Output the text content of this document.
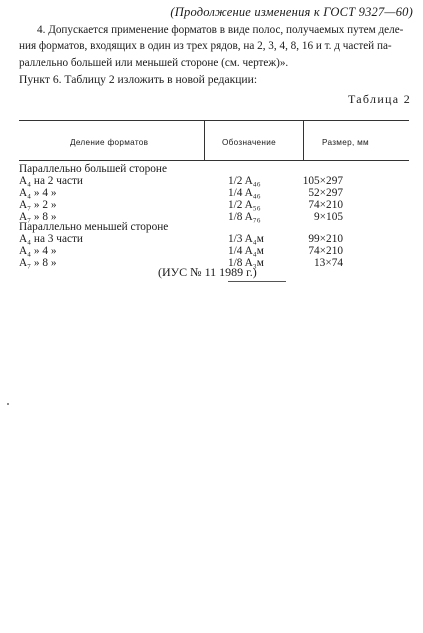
(Продолжение изменения к ГОСТ 9327—60)

4. Допускается применение форматов в виде полос, получаемых путем деле-

ния форматов, входящих в один из трех рядов, на 2, 3, 4, 8, 16 и т. д частей па-

раллельно большей или меньшей стороне (см. чертеж)».

Пункт 6. Таблицу 2 изложить в новой редакции:
Таблица 2
Деление форматов	Обозначение	Размер, мм
Параллельно большей стороне
A₄ на 2 части	1/2 A₄₆	105×297
A₄ » 4 »	1/4 A₄₆	52×297
A₇ » 2 »	1/2 A₅₆	74×210
A₇ » 8 »	1/8 A₇₆	9×105
Параллельно меньшей стороне
A₄ на 3 части	1/3 A₄м	99×210
A₄ » 4 »	1/4 A₄м	74×210
A₇ » 8 »	1/8 A₃м	13×74
(ИУС № 11 1989 г.)
